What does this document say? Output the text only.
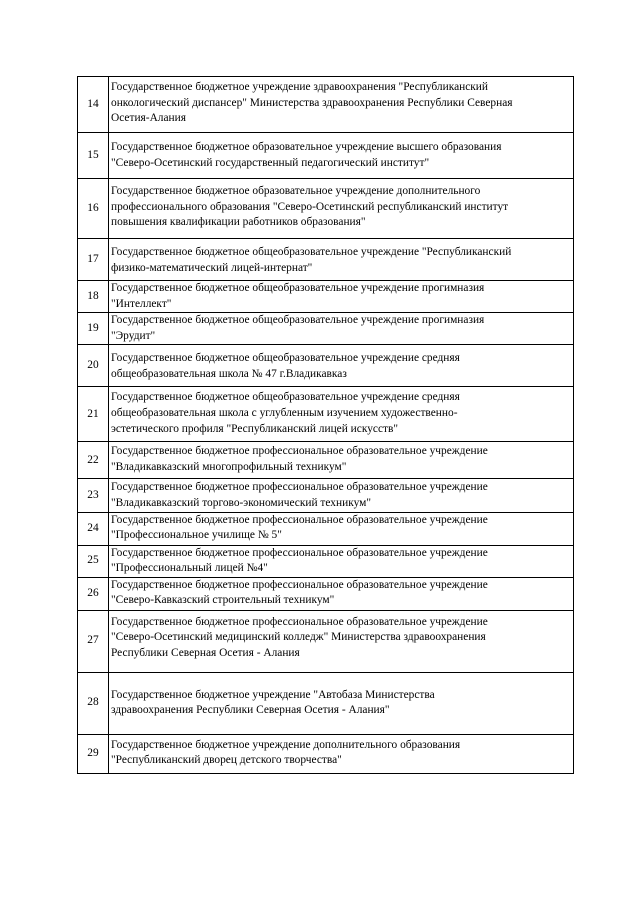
14	Государственное бюджетное учреждение здравоохранения "Республиканский
онкологический диспансер" Министерства здравоохранения Республики Северная
Осетия-Алания

15	Государственное бюджетное образовательное учреждение высшего образования
"Северо-Осетинский государственный педагогический институт"

16	Государственное бюджетное образовательное учреждение дополнительного
профессионального образования "Северо-Осетинский республиканский институт
повышения квалификации работников образования"

17	Государственное бюджетное общеобразовательное учреждение "Республиканский
физико-математический лицей-интернат"

18	Государственное бюджетное общеобразовательное учреждение прогимназия
"Интеллект"

19	Государственное бюджетное общеобразовательное учреждение прогимназия
"Эрудит"

20	Государственное бюджетное общеобразовательное учреждение средняя
общеобразовательная школа № 47 г.Владикавказ

21	Государственное бюджетное общеобразовательное учреждение средняя
общеобразовательная школа с углубленным изучением художественно-
эстетического профиля "Республиканский лицей искусств"

22	Государственное бюджетное профессиональное образовательное учреждение
"Владикавказский многопрофильный техникум"

23	Государственное бюджетное профессиональное образовательное учреждение
"Владикавказский торгово-экономический техникум"

24	Государственное бюджетное профессиональное образовательное учреждение
"Профессиональное училище № 5"

25	Государственное бюджетное профессиональное образовательное учреждение
"Профессиональный лицей №4"

26	Государственное бюджетное профессиональное образовательное учреждение
"Северо-Кавказский строительный техникум"

27	Государственное бюджетное профессиональное образовательное учреждение
"Северо-Осетинский медицинский колледж" Министерства здравоохранения
Республики Северная Осетия - Алания

28	Государственное бюджетное учреждение "Автобаза Министерства
здравоохранения Республики Северная Осетия - Алания"

29	Государственное бюджетное учреждение дополнительного образования
"Республиканский дворец детского творчества"
